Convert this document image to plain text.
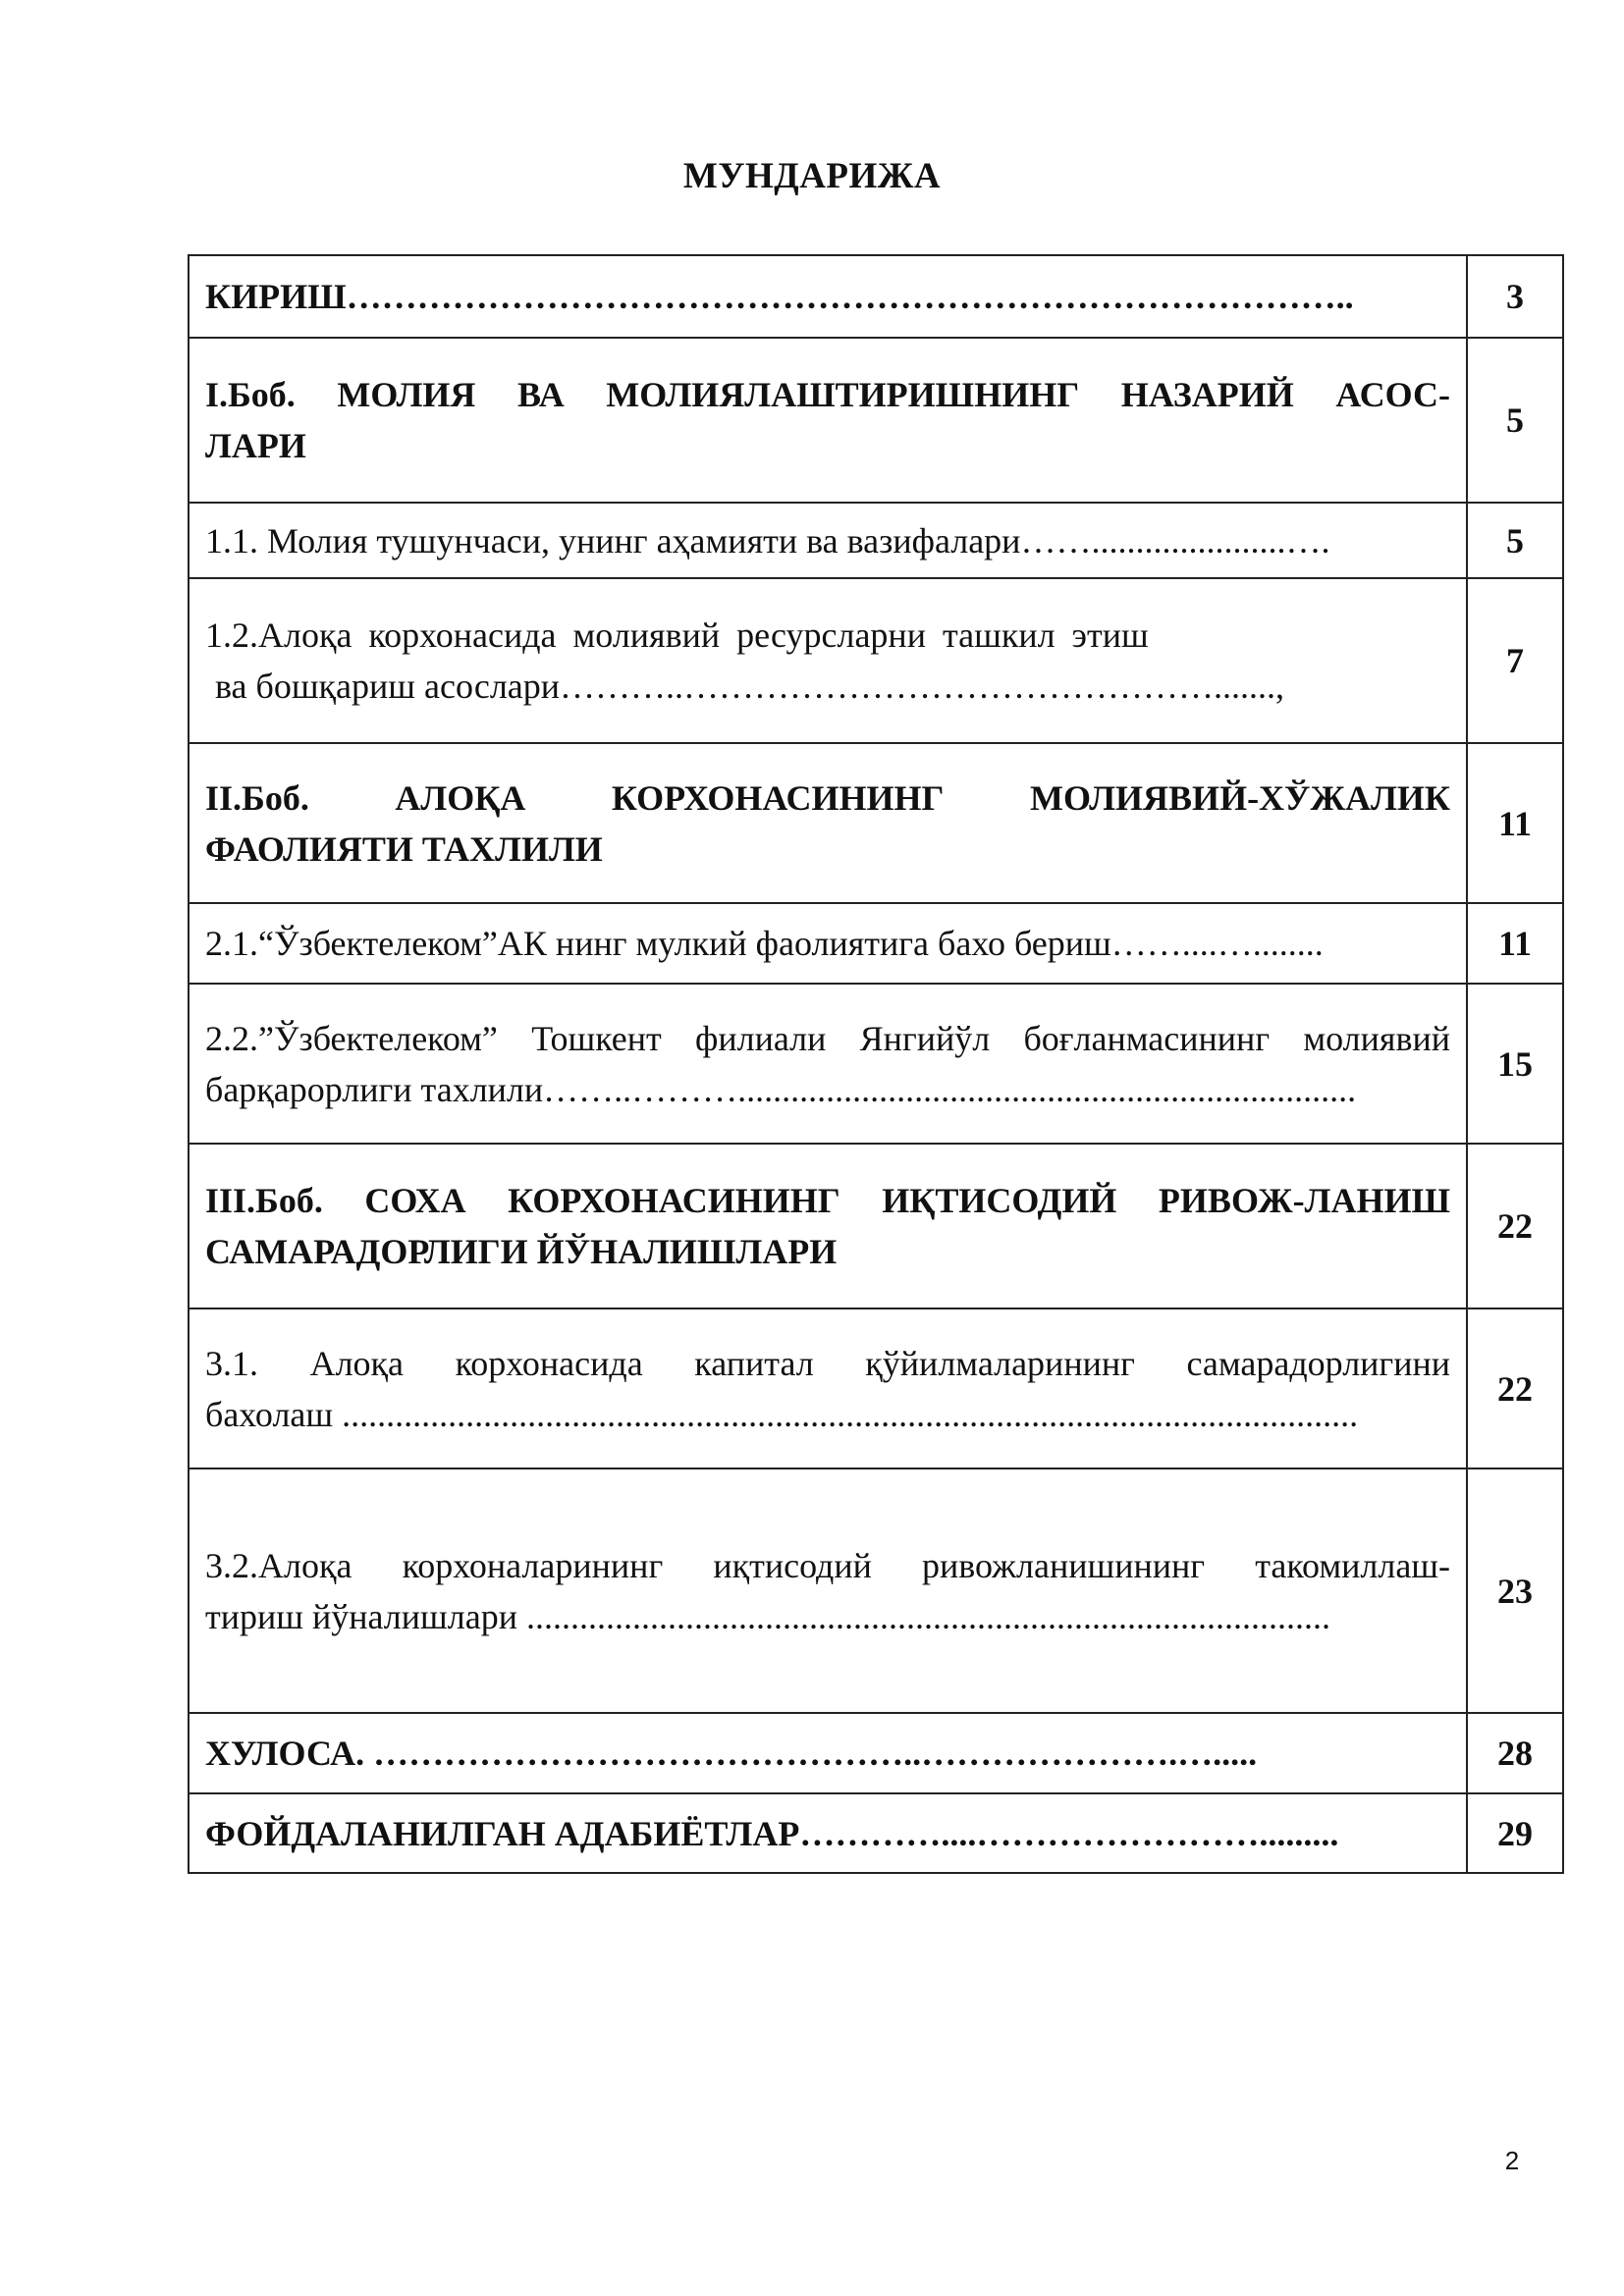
МУНДАРИЖА
КИРИШ…………………………………………………………………………..	3

I.Боб. МОЛИЯ ВА МОЛИЯЛАШТИРИШНИНГ НАЗАРИЙ АСОС-
ЛАРИ	5

1.1. Молия тушунчаси, унинг аҳамияти ва вазифалари……......................….	5

1.2.Алоқа корхонасида молиявий ресурсларни ташкил этиш
ва бошқариш асослари………..……………………………………….......,	7

II.Боб. АЛОҚА КОРХОНАСИНИНГ МОЛИЯВИЙ-ХЎЖАЛИК
ФАОЛИЯТИ ТАХЛИЛИ	11

2.1.“Ўзбектелеком”АК нинг мулкий фаолиятига бахо бериш……....…........	11

2.2.”Ўзбектелеком” Тошкент филиали Янгийўл боғланмасининг молиявий
барқарорлиги тахлили……..………......................................................................	15

III.Боб. СОХА КОРХОНАСИНИНГ ИҚТИСОДИЙ РИВОЖ-ЛАНИШ
САМАРАДОРЛИГИ ЙЎНАЛИШЛАРИ	22

3.1. Алоқа корхонасида капитал қўйилмаларининг самарадорлигини
бахолаш ...................................................................................................................	22

3.2.Алоқа корхоналарининг иқтисодий ривожланишининг такомиллаш-
тириш йўналишлари ...........................................................................................	23

ХУЛОСА. ………………………………………..………………….….....	28

ФОЙДАЛАНИЛГАН АДАБИЁТЛАР…………....…………………….........	29
2
